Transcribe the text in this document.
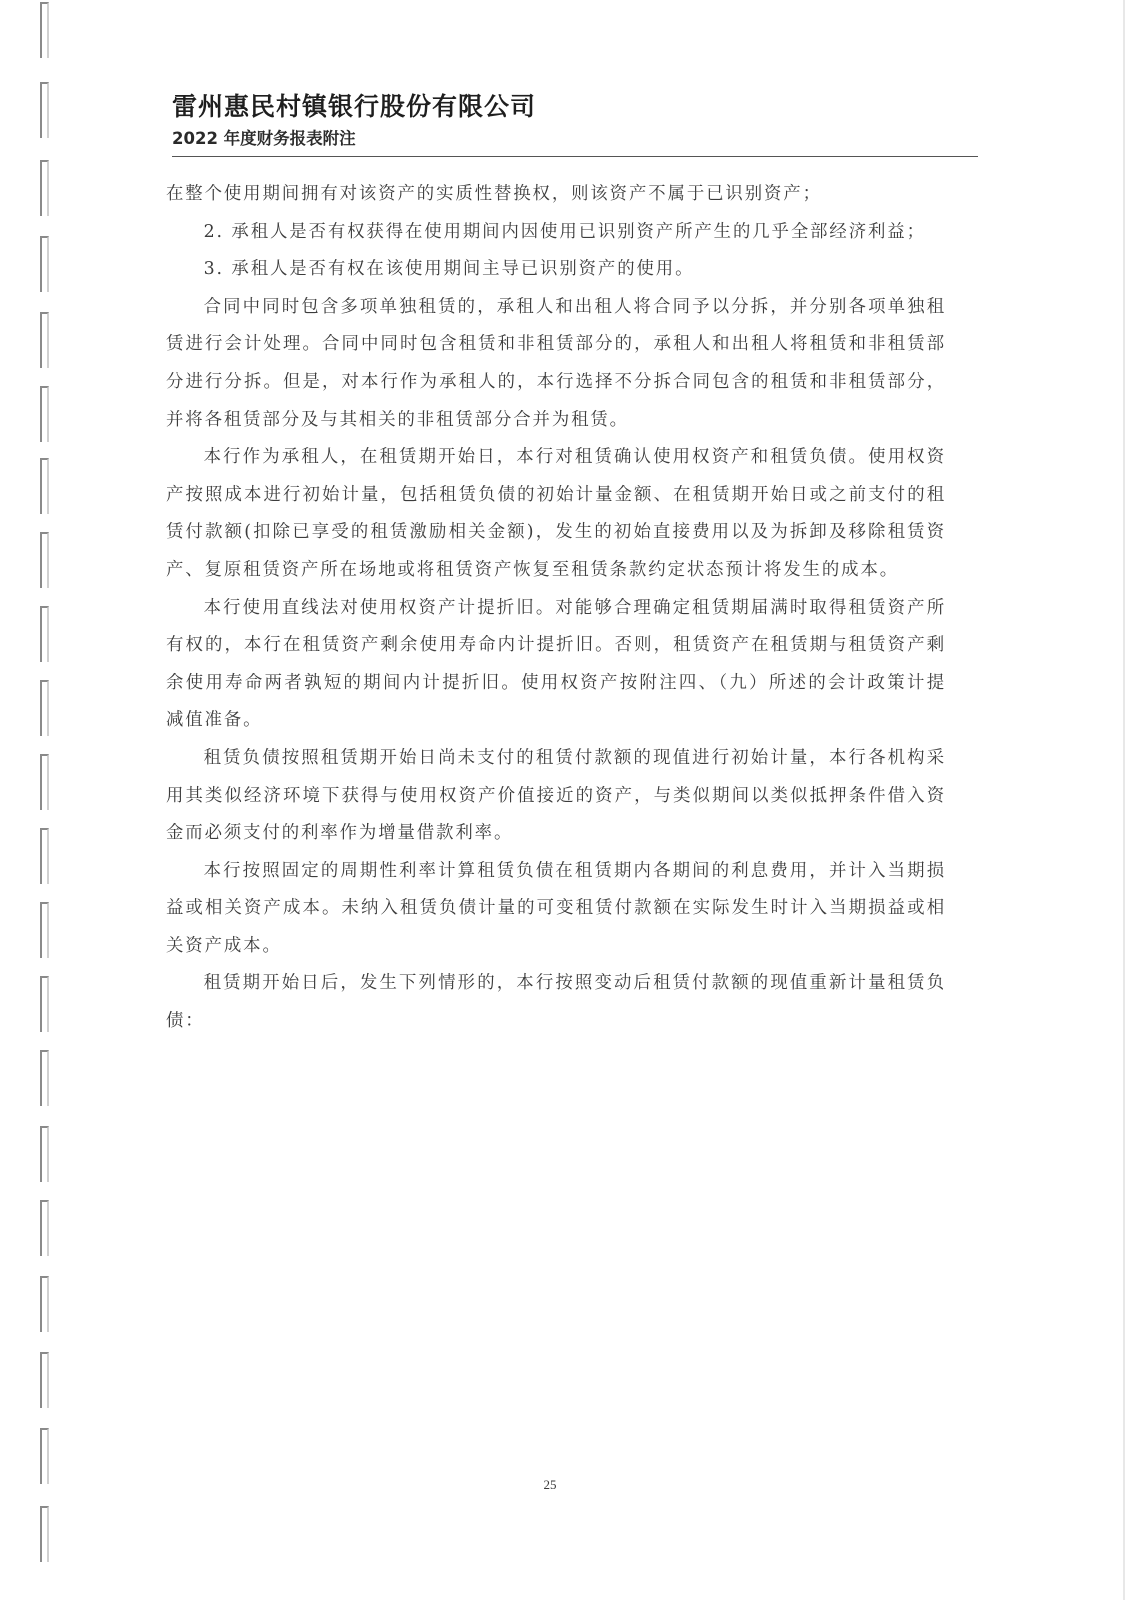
雷州惠民村镇银行股份有限公司
2022 年度财务报表附注

在整个使用期间拥有对该资产的实质性替换权，则该资产不属于已识别资产；

2. 承租人是否有权获得在使用期间内因使用已识别资产所产生的几乎全部经济利益；

3. 承租人是否有权在该使用期间主导已识别资产的使用。

合同中同时包含多项单独租赁的，承租人和出租人将合同予以分拆，并分别各项单独租赁进行会计处理。合同中同时包含租赁和非租赁部分的，承租人和出租人将租赁和非租赁部分进行分拆。但是，对本行作为承租人的，本行选择不分拆合同包含的租赁和非租赁部分，并将各租赁部分及与其相关的非租赁部分合并为租赁。

本行作为承租人，在租赁期开始日，本行对租赁确认使用权资产和租赁负债。使用权资产按照成本进行初始计量，包括租赁负债的初始计量金额、在租赁期开始日或之前支付的租赁付款额(扣除已享受的租赁激励相关金额)，发生的初始直接费用以及为拆卸及移除租赁资产、复原租赁资产所在场地或将租赁资产恢复至租赁条款约定状态预计将发生的成本。

本行使用直线法对使用权资产计提折旧。对能够合理确定租赁期届满时取得租赁资产所有权的，本行在租赁资产剩余使用寿命内计提折旧。否则，租赁资产在租赁期与租赁资产剩余使用寿命两者孰短的期间内计提折旧。使用权资产按附注四、（九）所述的会计政策计提减值准备。

租赁负债按照租赁期开始日尚未支付的租赁付款额的现值进行初始计量，本行各机构采用其类似经济环境下获得与使用权资产价值接近的资产，与类似期间以类似抵押条件借入资金而必须支付的利率作为增量借款利率。

本行按照固定的周期性利率计算租赁负债在租赁期内各期间的利息费用，并计入当期损益或相关资产成本。未纳入租赁负债计量的可变租赁付款额在实际发生时计入当期损益或相关资产成本。

租赁期开始日后，发生下列情形的，本行按照变动后租赁付款额的现值重新计量租赁负债：

25
